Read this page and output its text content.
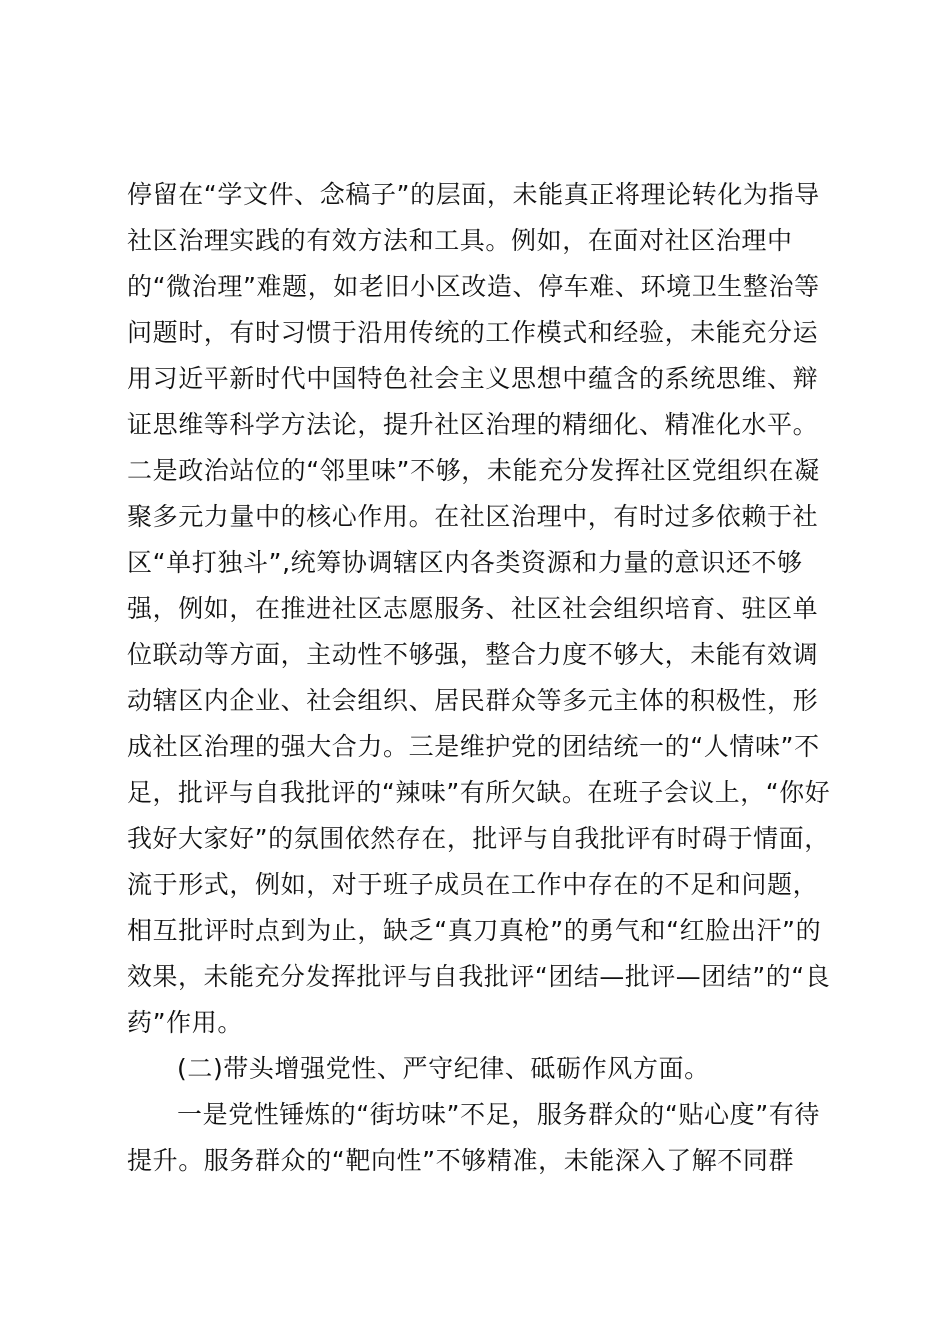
停留在“学文件、念稿子”的层面，未能真正将理论转化为指导
社区治理实践的有效方法和工具。例如，在面对社区治理中
的“微治理”难题，如老旧小区改造、停车难、环境卫生整治等
问题时，有时习惯于沿用传统的工作模式和经验，未能充分运
用习近平新时代中国特色社会主义思想中蕴含的系统思维、辩
证思维等科学方法论，提升社区治理的精细化、精准化水平。
二是政治站位的“邻里味”不够，未能充分发挥社区党组织在凝
聚多元力量中的核心作用。在社区治理中，有时过多依赖于社
区“单打独斗”,统筹协调辖区内各类资源和力量的意识还不够
强，例如，在推进社区志愿服务、社区社会组织培育、驻区单
位联动等方面，主动性不够强，整合力度不够大，未能有效调
动辖区内企业、社会组织、居民群众等多元主体的积极性，形
成社区治理的强大合力。三是维护党的团结统一的“人情味”不
足，批评与自我批评的“辣味”有所欠缺。在班子会议上，“你好
我好大家好”的氛围依然存在，批评与自我批评有时碍于情面，
流于形式，例如，对于班子成员在工作中存在的不足和问题，
相互批评时点到为止，缺乏“真刀真枪”的勇气和“红脸出汗”的
效果，未能充分发挥批评与自我批评“团结—批评—团结”的“良
药”作用。
(二)带头增强党性、严守纪律、砥砺作风方面。
一是党性锤炼的“街坊味”不足，服务群众的“贴心度”有待
提升。服务群众的“靶向性”不够精准，未能深入了解不同群
